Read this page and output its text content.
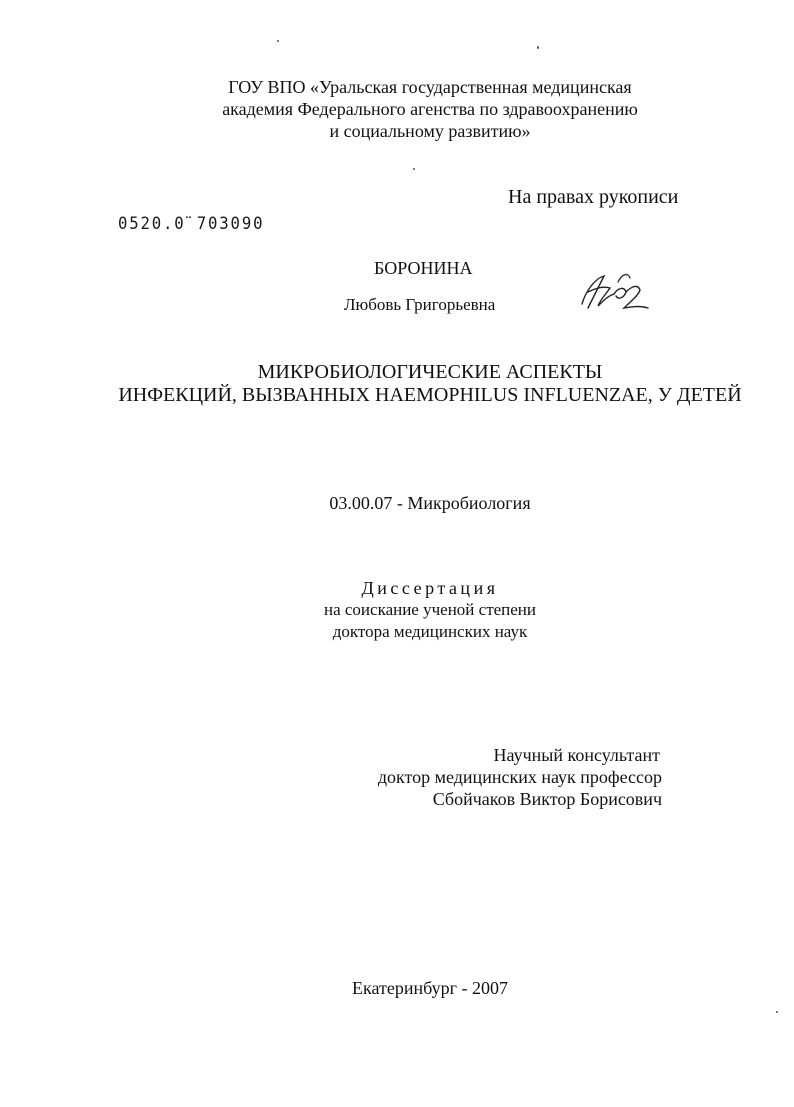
ГОУ ВПО «Уральская государственная медицинская
академия Федерального агенства по здравоохранению
и социальному развитию»
На правах рукописи
0520.0̈ 703090
БОРОНИНА
Любовь Григорьевна
МИКРОБИОЛОГИЧЕСКИЕ АСПЕКТЫ
ИНФЕКЦИЙ, ВЫЗВАННЫХ HAEMOPHILUS INFLUENZAE, У ДЕТЕЙ
03.00.07 - Микробиология
Диссертация
на соискание ученой степени
доктора медицинских наук
Научный консультант
доктор медицинских наук профессор
Сбойчаков Виктор Борисович
Екатеринбург - 2007
